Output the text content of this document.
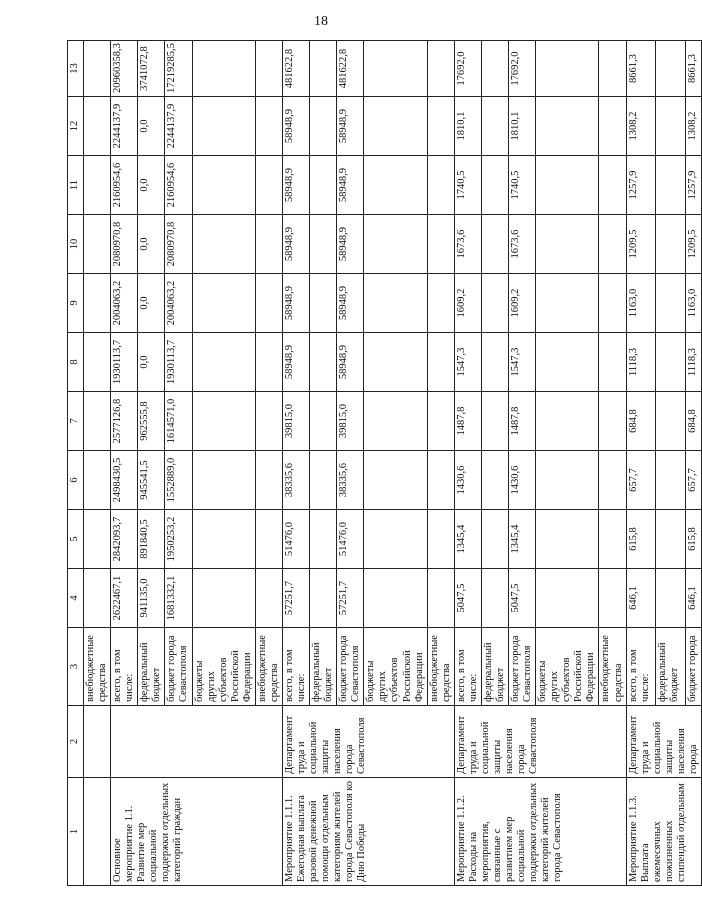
18
1	2	3	4	5	6	7	8	9	10	11	12	13
		внебюджетные средства										
Основное мероприятие 1.1. Развитие мер социальной поддержки отдельных категорий граждан		всего, в том числе:	2622467,1	2842093,7	2498430,5	2577126,8	1930113,7	2004063,2	2080970,8	2160954,6	2244137,9	20960358,3
		федеральный бюджет	941135,0	891840,5	945541,5	962555,8	0,0	0,0	0,0	0,0	0,0	3741072,8
		бюджет города Севастополя	1681332,1	1950253,2	1552889,0	1614571,0	1930113,7	2004063,2	2080970,8	2160954,6	2244137,9	17219285,5
		бюджеты других субъектов Российской Федерации										
		внебюджетные средства										
Мероприятие 1.1.1. Ежегодная выплата разовой денежной помощи отдельным категориям жителей города Севастополя ко Дню Победы	Департамент труда и социальной защиты населения города Севастополя	всего, в том числе:	57251,7	51476,0	38335,6	39815,0	58948,9	58948,9	58948,9	58948,9	58948,9	481622,8
		федеральный бюджет										
		бюджет города Севастополя	57251,7	51476,0	38335,6	39815,0	58948,9	58948,9	58948,9	58948,9	58948,9	481622,8
		бюджеты других субъектов Российской Федерации										
		внебюджетные средства										
Мероприятие 1.1.2. Расходы на мероприятия, связанные с развитием мер социальной поддержки отдельных категорий жителей города Севастополя	Департамент труда и социальной защиты населения города Севастополя	всего, в том числе:	5047,5	1345,4	1430,6	1487,8	1547,3	1609,2	1673,6	1740,5	1810,1	17692,0
		федеральный бюджет										
		бюджет города Севастополя	5047,5	1345,4	1430,6	1487,8	1547,3	1609,2	1673,6	1740,5	1810,1	17692,0
		бюджеты других субъектов Российской Федерации										
		внебюджетные средства										
Мероприятие 1.1.3. Выплата ежемесячных пожизненных стипендий отдельным	Департамент труда и социальной защиты населения города	всего, в том числе:	646,1	615,8	657,7	684,8	1118,3	1163,0	1209,5	1257,9	1308,2	8661,3
		федеральный бюджет										
		бюджет города	646,1	615,8	657,7	684,8	1118,3	1163,0	1209,5	1257,9	1308,2	8661,3
